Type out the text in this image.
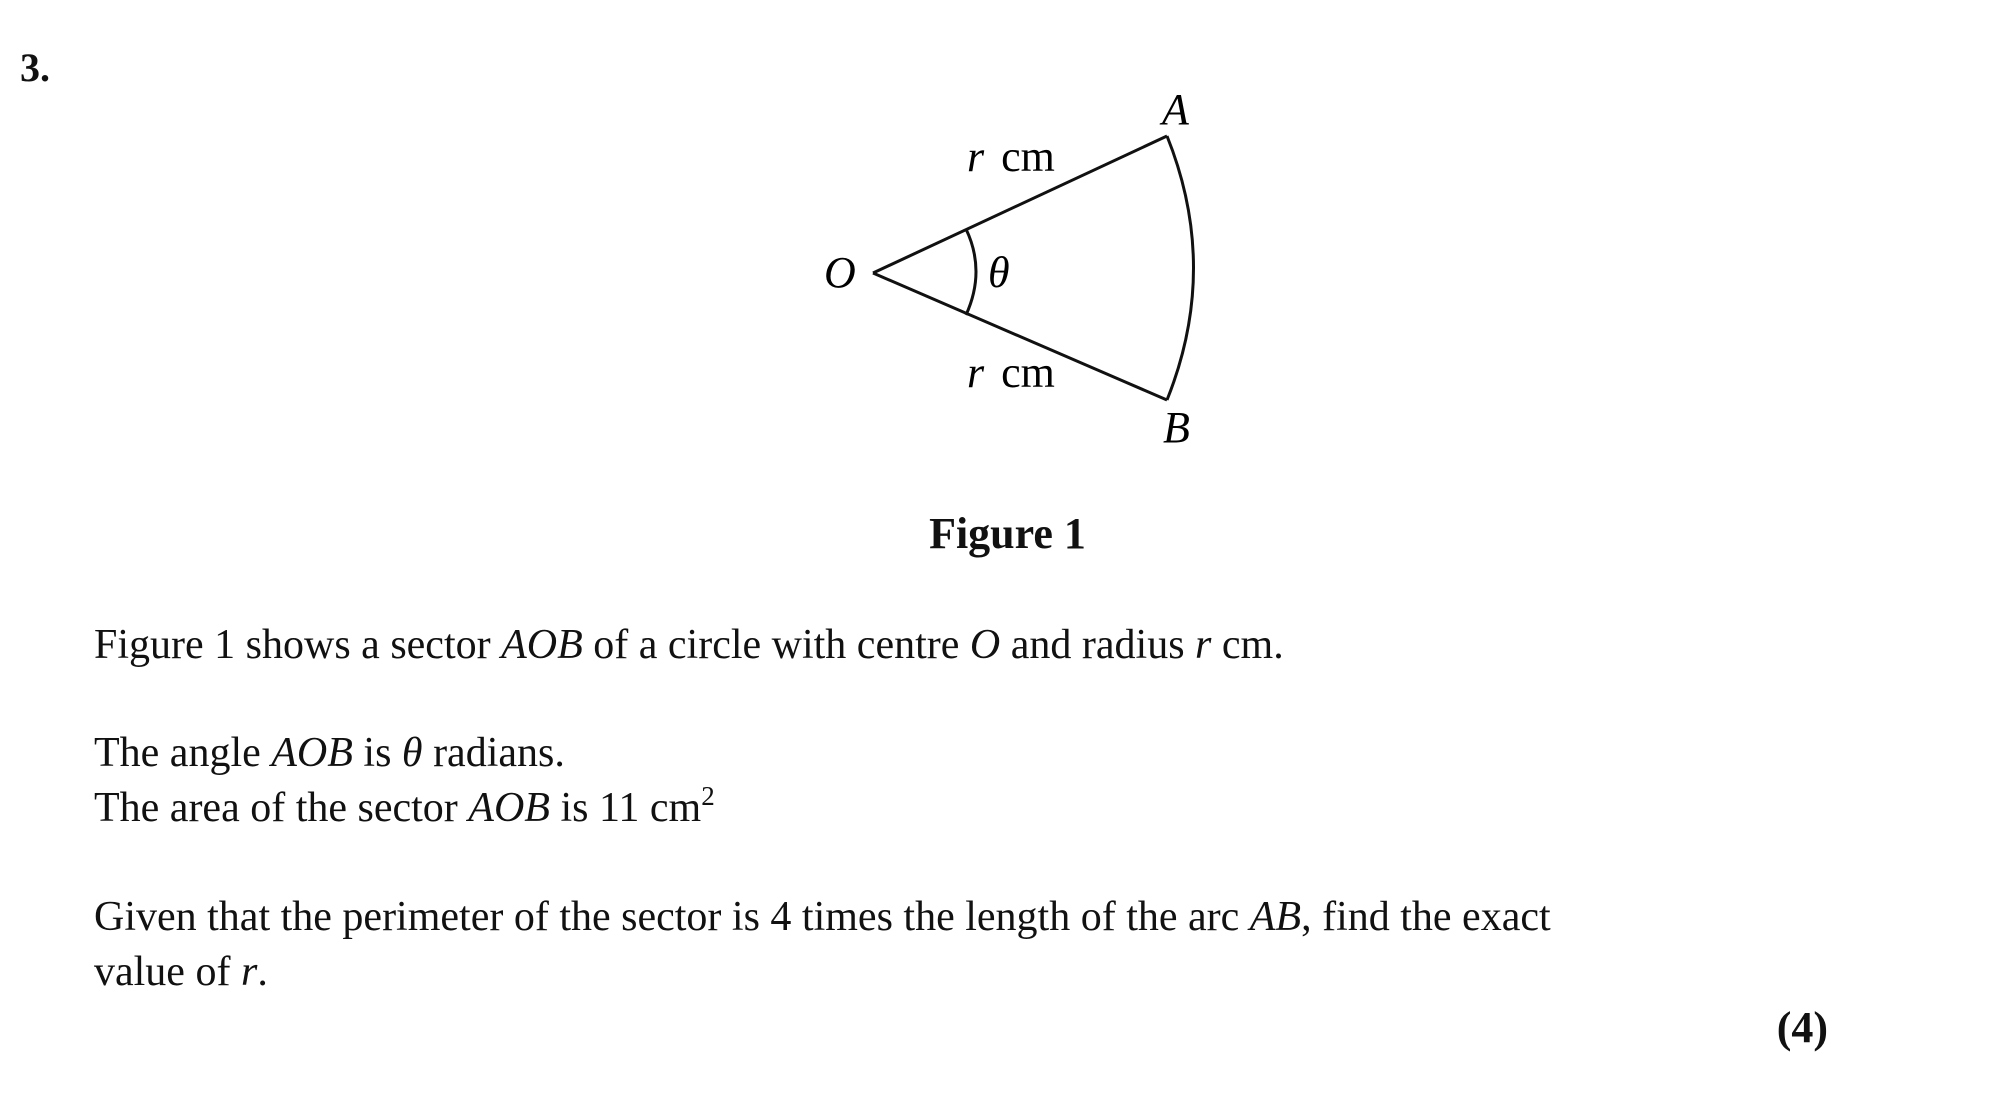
3.
O
A
B
θ
r cm
r cm
Figure 1
Figure 1 shows a sector AOB of a circle with centre O and radius r cm.
The angle AOB is θ radians.
The area of the sector AOB is 11 $cm^2$
Given that the perimeter of the sector is 4 times the length of the arc AB, find the exact
value of r.
(4)
